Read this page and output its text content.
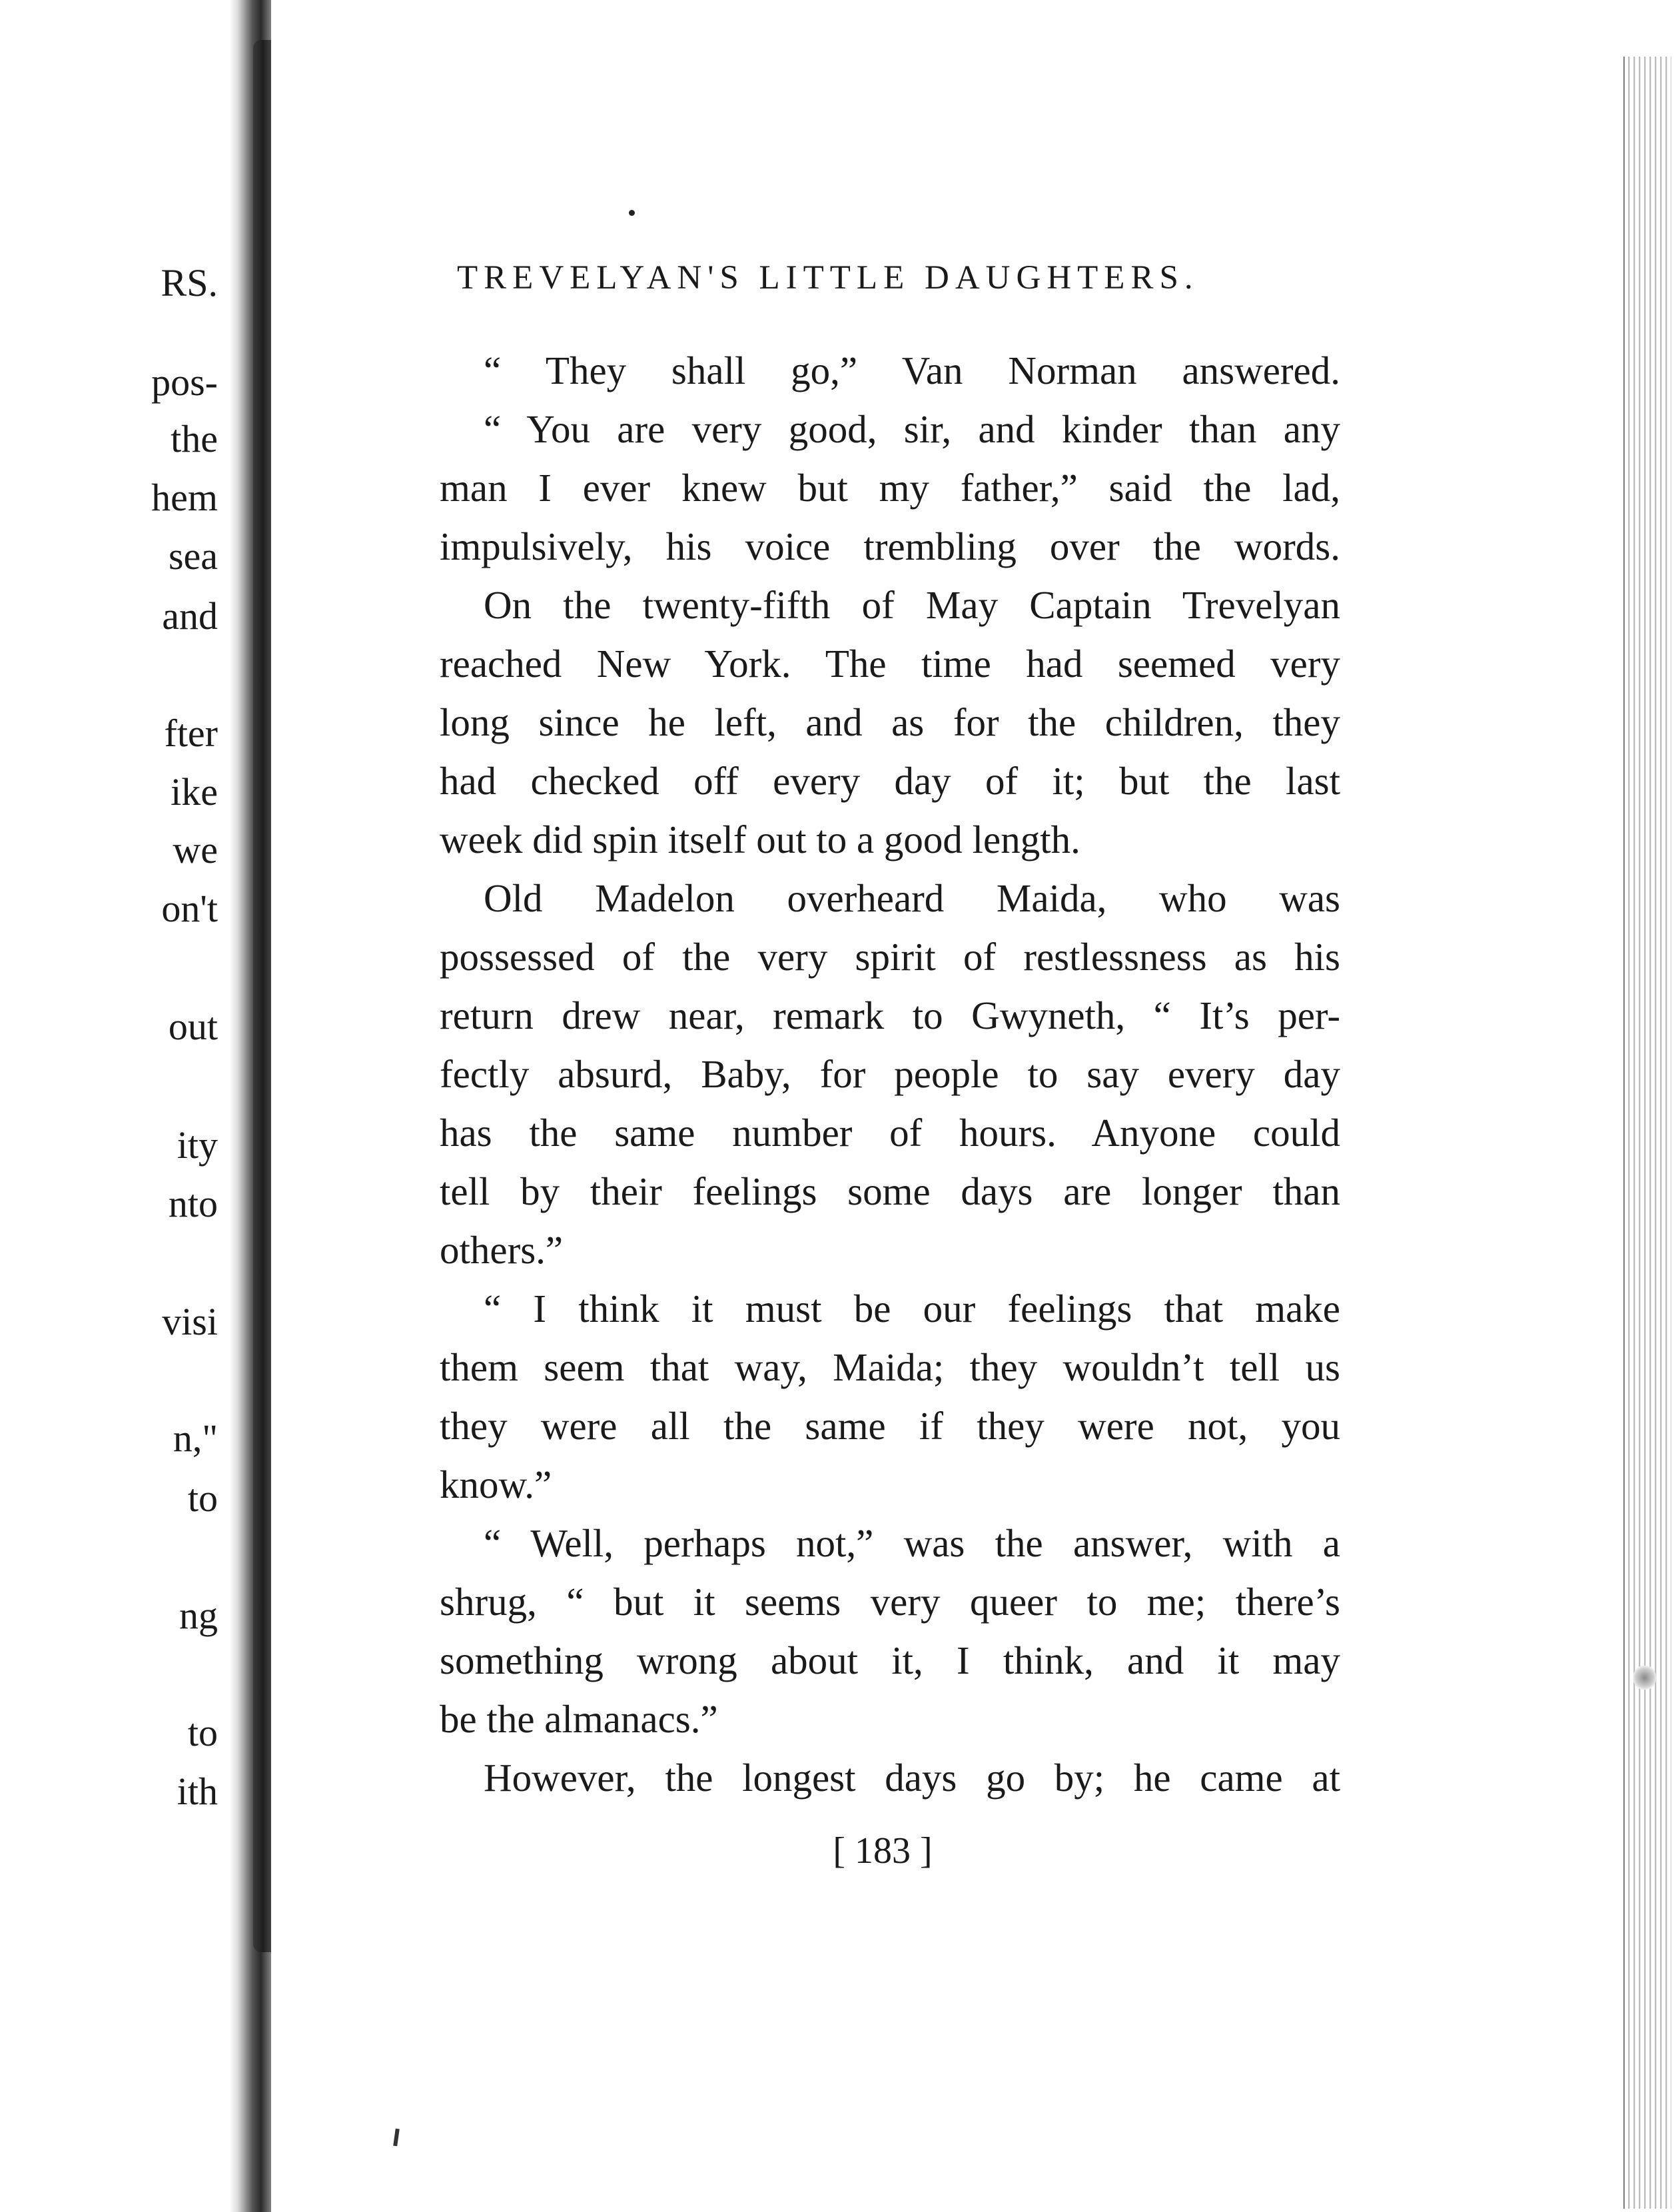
RS.
pos-
the
hem
sea
and
fter
ike
we
on't
out
ity
nto
visi
n,"
to
ng
to
ith
TREVELYAN'S LITTLE DAUGHTERS.
“ They shall go,” Van Norman answered.
“ You are very good, sir, and kinder than any
man I ever knew but my father,” said the lad,
impulsively, his voice trembling over the words.
On the twenty-fifth of May Captain Trevelyan
reached New York. The time had seemed very
long since he left, and as for the children, they
had checked off every day of it; but the last
week did spin itself out to a good length.
Old Madelon overheard Maida, who was
possessed of the very spirit of restlessness as his
return drew near, remark to Gwyneth, “ It’s per-
fectly absurd, Baby, for people to say every day
has the same number of hours. Anyone could
tell by their feelings some days are longer than
others.”
“ I think it must be our feelings that make
them seem that way, Maida; they wouldn’t tell us
they were all the same if they were not, you
know.”
“ Well, perhaps not,” was the answer, with a
shrug, “ but it seems very queer to me; there’s
something wrong about it, I think, and it may
be the almanacs.”
However, the longest days go by; he came at
[ 183 ]
